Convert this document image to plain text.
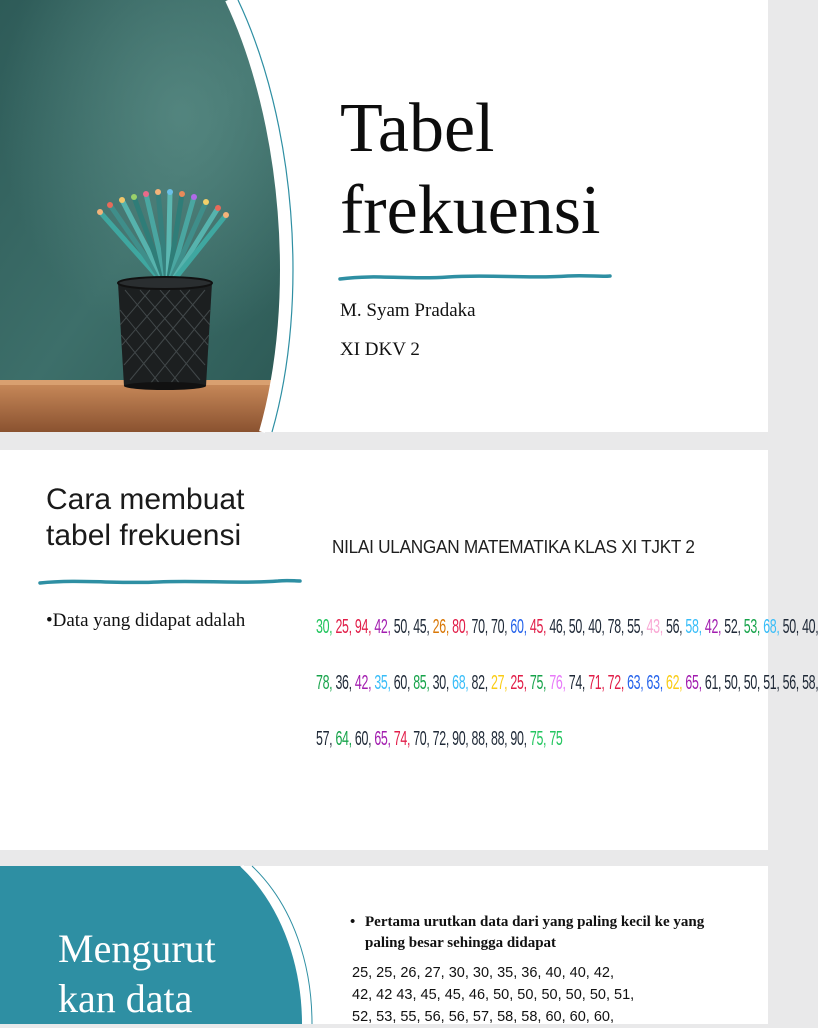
Tabel
frekuensi
M. Syam Pradaka
XI DKV 2
Cara membuat
tabel frekuensi
•Data yang didapat adalah
NILAI ULANGAN MATEMATIKA KLAS XI TJKT 2
30, 25, 94, 42, 50, 45, 26, 80, 70, 70, 60, 45, 46, 50, 40, 78, 55, 43, 56, 58, 42, 52, 53, 68, 50, 40,
78, 36, 42, 35, 60, 85, 30, 68, 82, 27, 25, 75, 76, 74, 71, 72, 63, 63, 62, 65, 61, 50, 50, 51, 56, 58,
57, 64, 60, 65, 74, 70, 72, 90, 88, 88, 90, 75, 75
Mengurut
kan data
• Pertama urutkan data dari yang paling kecil ke yang paling besar sehingga didapat
25, 25, 26, 27, 30, 30, 35, 36, 40, 40, 42,
42, 42 43, 45, 45, 46, 50, 50, 50, 50, 50, 51,
52, 53, 55, 56, 56, 57, 58, 58, 60, 60, 60,
